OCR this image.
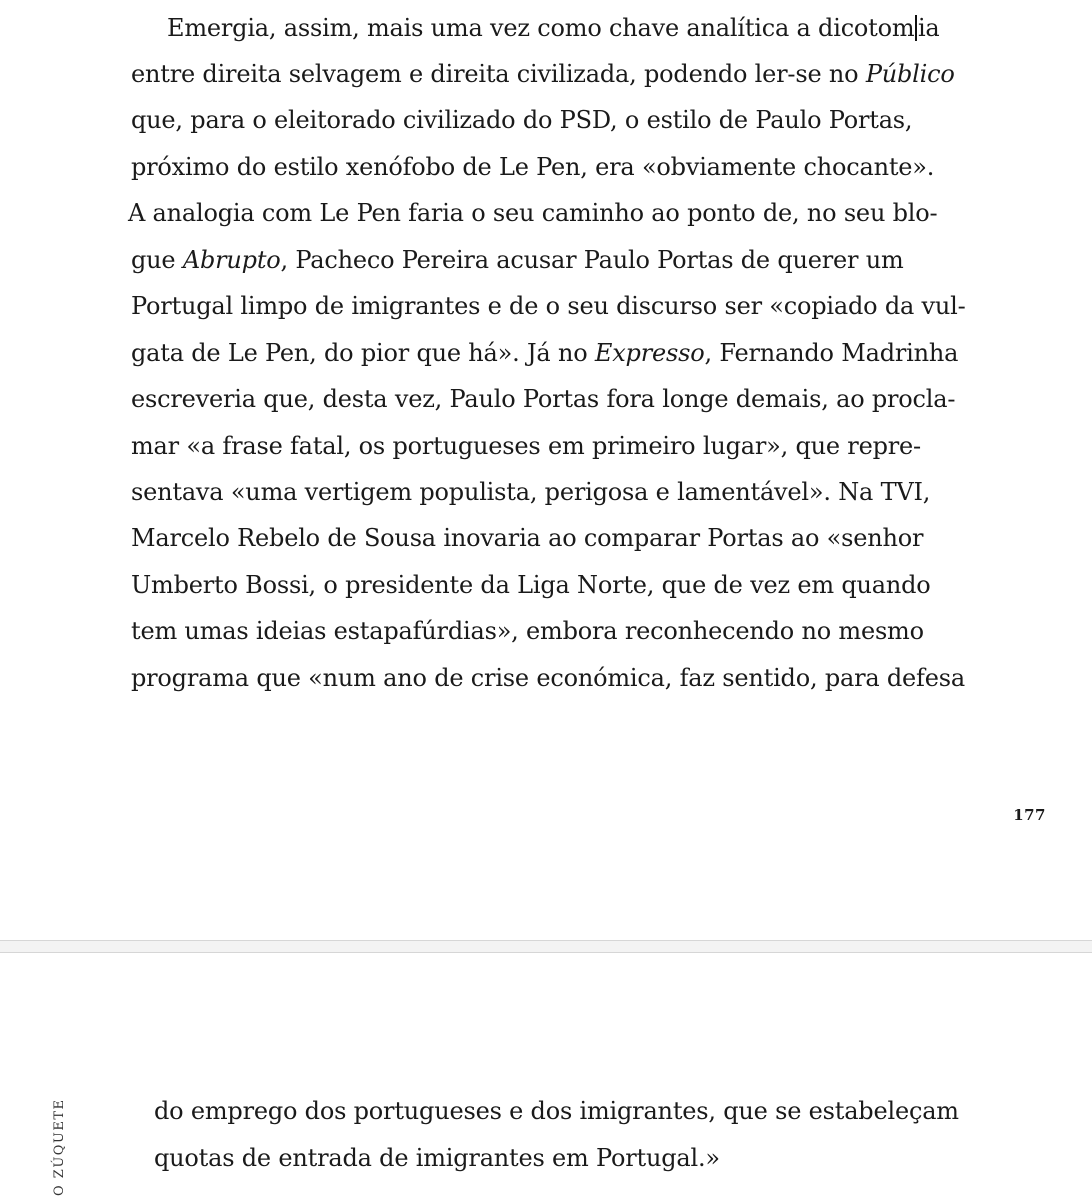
Emergia, assim, mais uma vez como chave analítica a dicotom ia
entre direita selvagem e direita civilizada, podendo ler-se no Público
que, para o eleitorado civilizado do PSD, o estilo de Paulo Portas,
próximo do estilo xenófobo de Le Pen, era «obviamente chocante».
A analogia com Le Pen faria o seu caminho ao ponto de, no seu blo-
gue Abrupto, Pacheco Pereira acusar Paulo Portas de querer um
Portugal limpo de imigrantes e de o seu discurso ser «copiado da vul-
gata de Le Pen, do pior que há». Já no Expresso, Fernando Madrinha
escreveria que, desta vez, Paulo Portas fora longe demais, ao procla-
mar «a frase fatal, os portugueses em primeiro lugar», que repre-
sentava «uma vertigem populista, perigosa e lamentável». Na TVI,
Marcelo Rebelo de Sousa inovaria ao comparar Portas ao «senhor
Umberto Bossi, o presidente da Liga Norte, que de vez em quando
tem umas ideias estapafúrdias», embora reconhecendo no mesmo
programa que «num ano de crise económica, faz sentido, para defesa
177
do emprego dos portugueses e dos imigrantes, que se estabeleçam
quotas de entrada de imigrantes em Portugal.»
O ZÚQUETE
